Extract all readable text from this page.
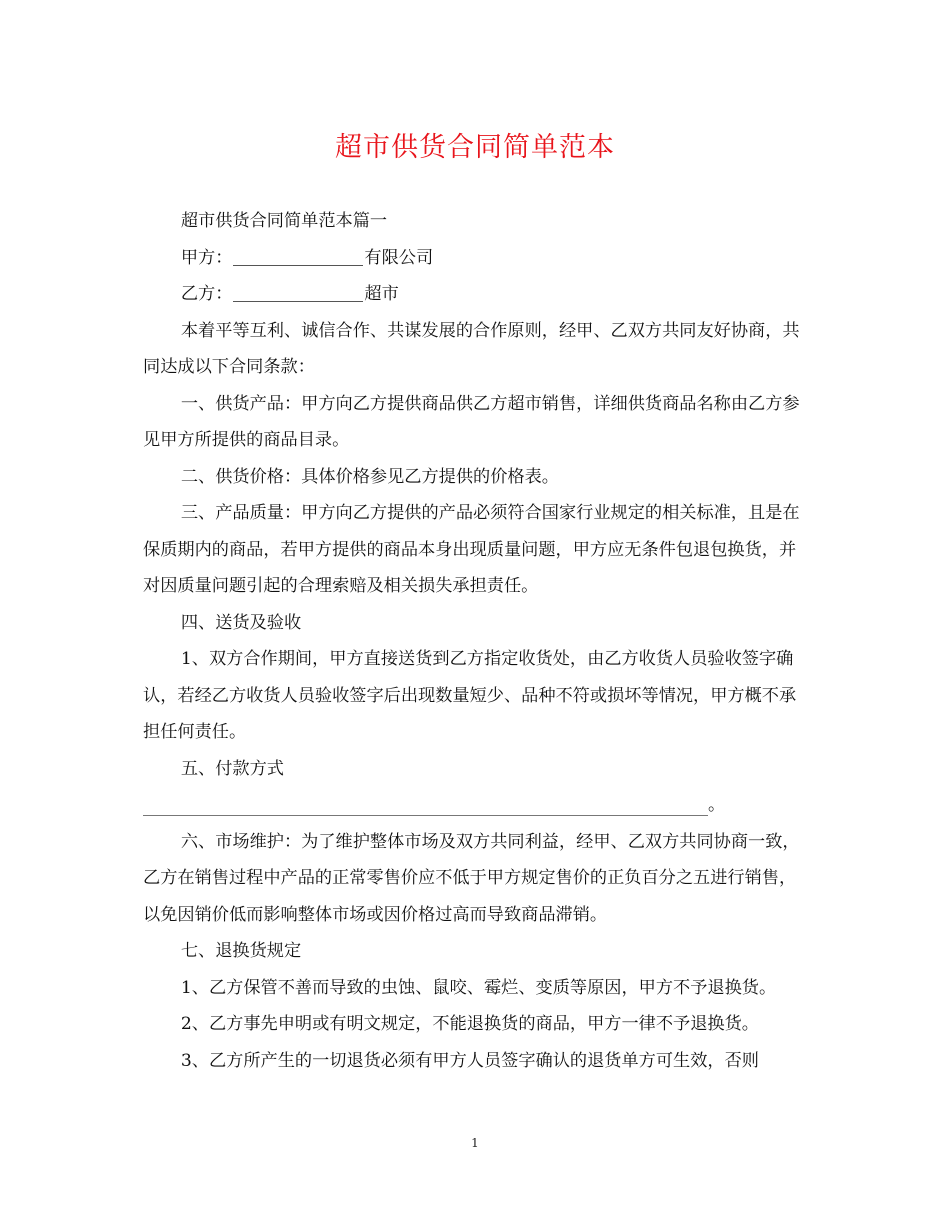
超市供货合同简单范本

超市供货合同简单范本篇一

甲方：	有限公司

乙方：	超市

本着平等互利、诚信合作、共谋发展的合作原则，经甲、乙双方共同友好协商，共同达成以下合同条款：

一、供货产品：甲方向乙方提供商品供乙方超市销售，详细供货商品名称由乙方参见甲方所提供的商品目录。

二、供货价格：具体价格参见乙方提供的价格表。

三、产品质量：甲方向乙方提供的产品必须符合国家行业规定的相关标准，且是在保质期内的商品，若甲方提供的商品本身出现质量问题，甲方应无条件包退包换货，并对因质量问题引起的合理索赔及相关损失承担责任。

四、送货及验收

1、双方合作期间，甲方直接送货到乙方指定收货处，由乙方收货人员验收签字确认，若经乙方收货人员验收签字后出现数量短少、品种不符或损坏等情况，甲方概不承担任何责任。

五、付款方式

。

六、市场维护：为了维护整体市场及双方共同利益，经甲、乙双方共同协商一致，乙方在销售过程中产品的正常零售价应不低于甲方规定售价的正负百分之五进行销售，以免因销价低而影响整体市场或因价格过高而导致商品滞销。

七、退换货规定

1、乙方保管不善而导致的虫蚀、鼠咬、霉烂、变质等原因，甲方不予退换货。

2、乙方事先申明或有明文规定，不能退换货的商品，甲方一律不予退换货。

3、乙方所产生的一切退货必须有甲方人员签字确认的退货单方可生效，否则

1
